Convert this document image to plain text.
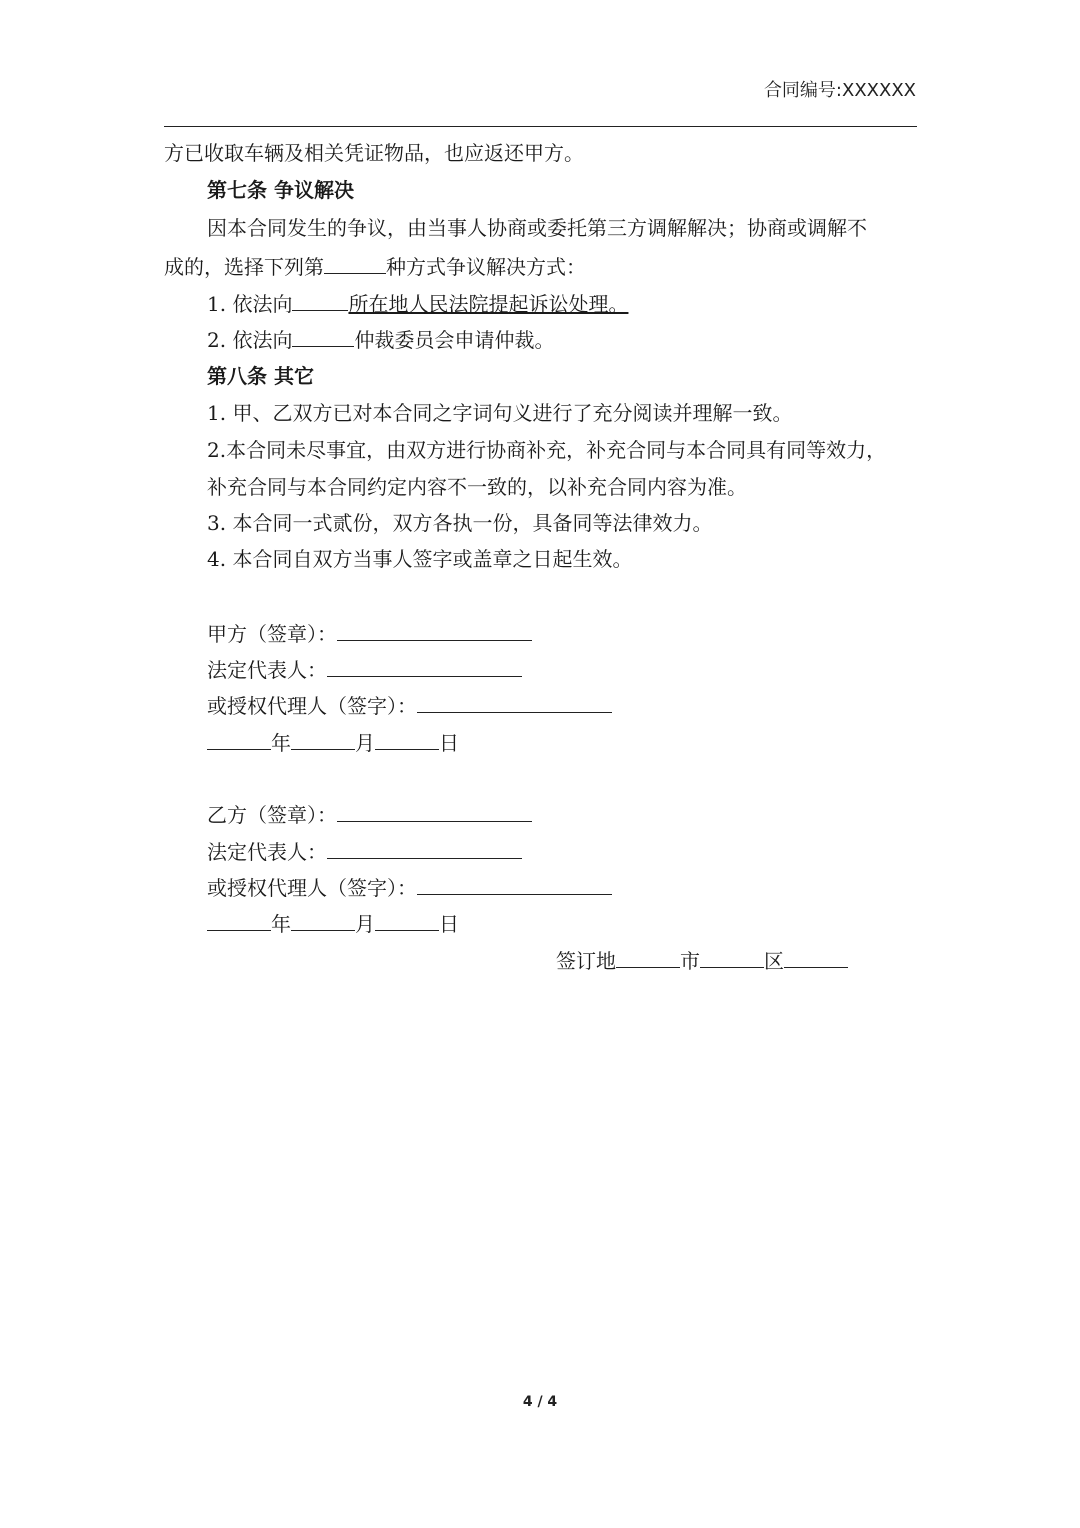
合同编号:XXXXXX
方已收取车辆及相关凭证物品，也应返还甲方。
第七条 争议解决
因本合同发生的争议，由当事人协商或委托第三方调解解决；协商或调解不
成的，选择下列第	种方式争议解决方式：
1. 依法向	所在地人民法院提起诉讼处理。
2. 依法向	仲裁委员会申请仲裁。
第八条 其它
1. 甲、乙双方已对本合同之字词句义进行了充分阅读并理解一致。
2.本合同未尽事宜，由双方进行协商补充，补充合同与本合同具有同等效力，
补充合同与本合同约定内容不一致的，以补充合同内容为准。
3. 本合同一式贰份，双方各执一份，具备同等法律效力。
4. 本合同自双方当事人签字或盖章之日起生效。
甲方（签章）：
法定代表人：
或授权代理人（签字）：
年	月	日
乙方（签章）：
法定代表人：
或授权代理人（签字）：
年	月	日
签订地	市	区
4 / 4
